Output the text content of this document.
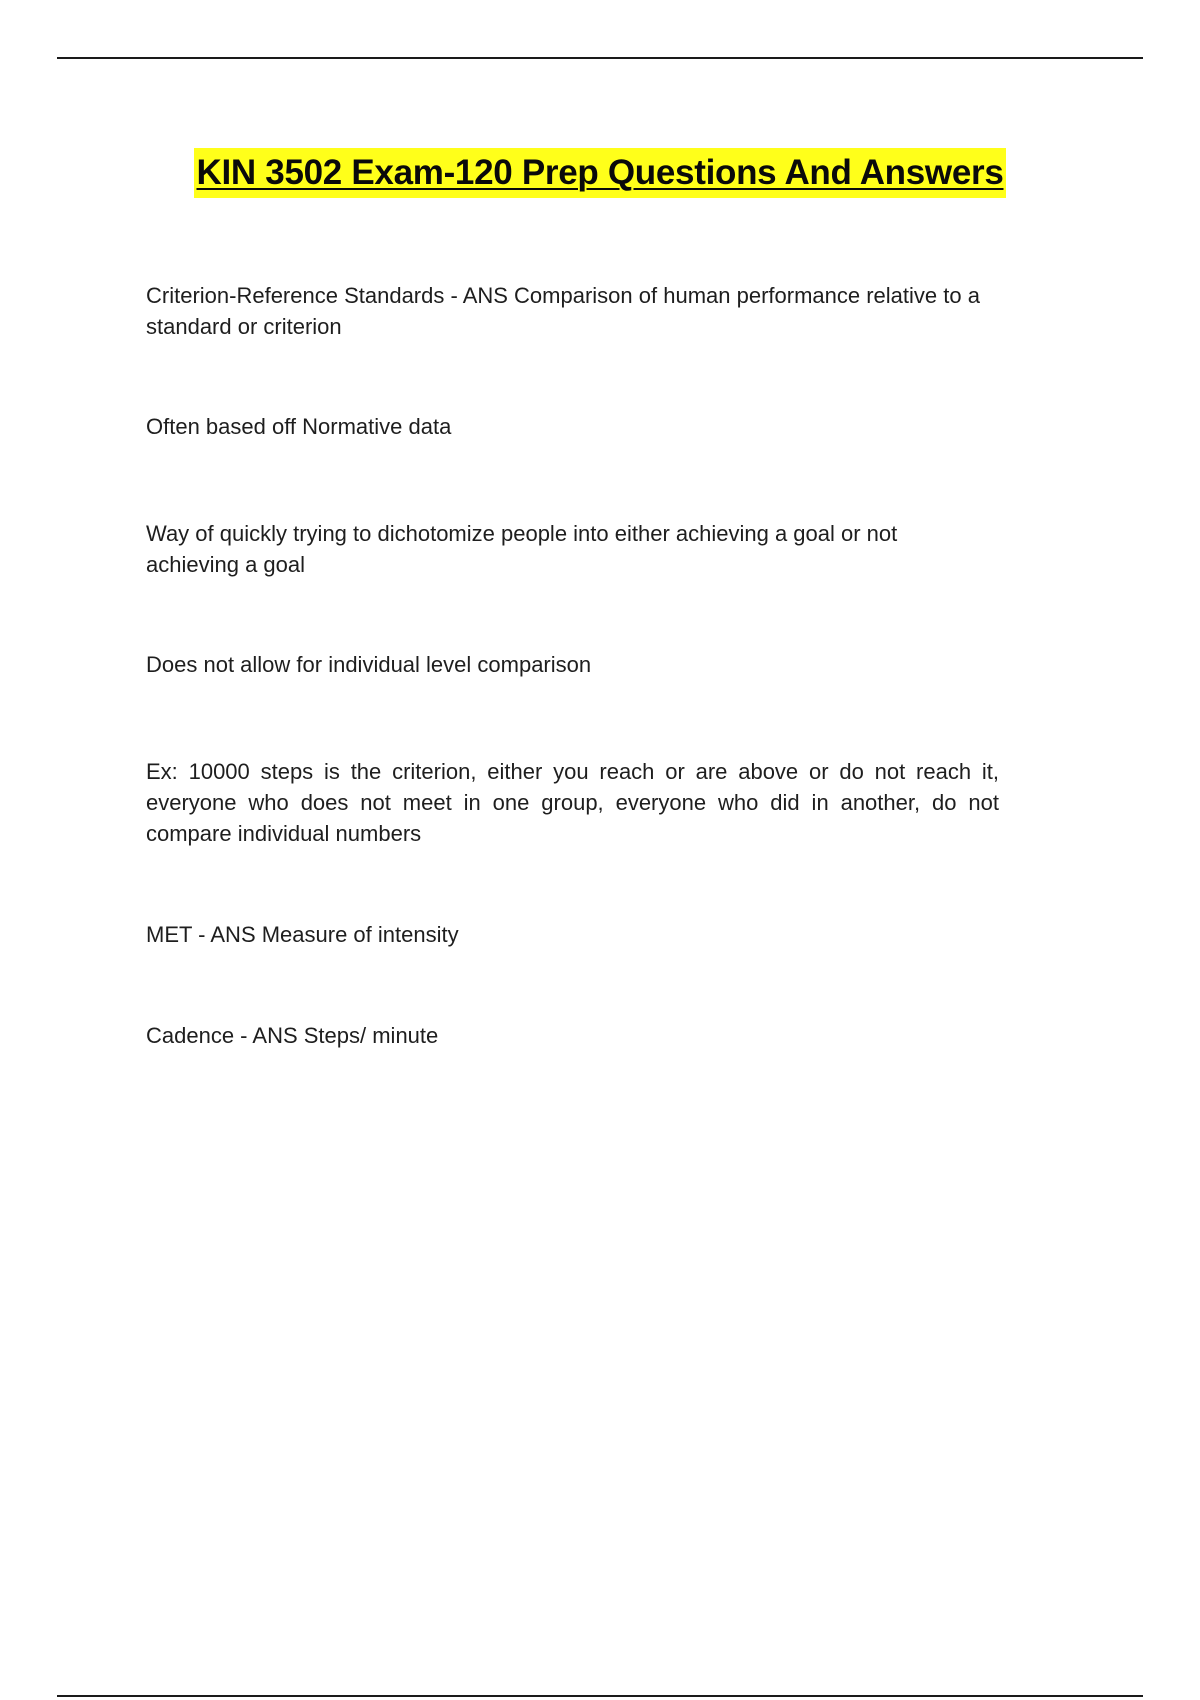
KIN 3502 Exam-120 Prep Questions And Answers

Criterion-Reference Standards - ANS Comparison of human performance relative to a standard or criterion

Often based off Normative data

Way of quickly trying to dichotomize people into either achieving a goal or not achieving a goal

Does not allow for individual level comparison

Ex: 10000 steps is the criterion, either you reach or are above or do not reach it, everyone who does not meet in one group, everyone who did in another, do not compare individual numbers

MET - ANS Measure of intensity

Cadence - ANS Steps/ minute
